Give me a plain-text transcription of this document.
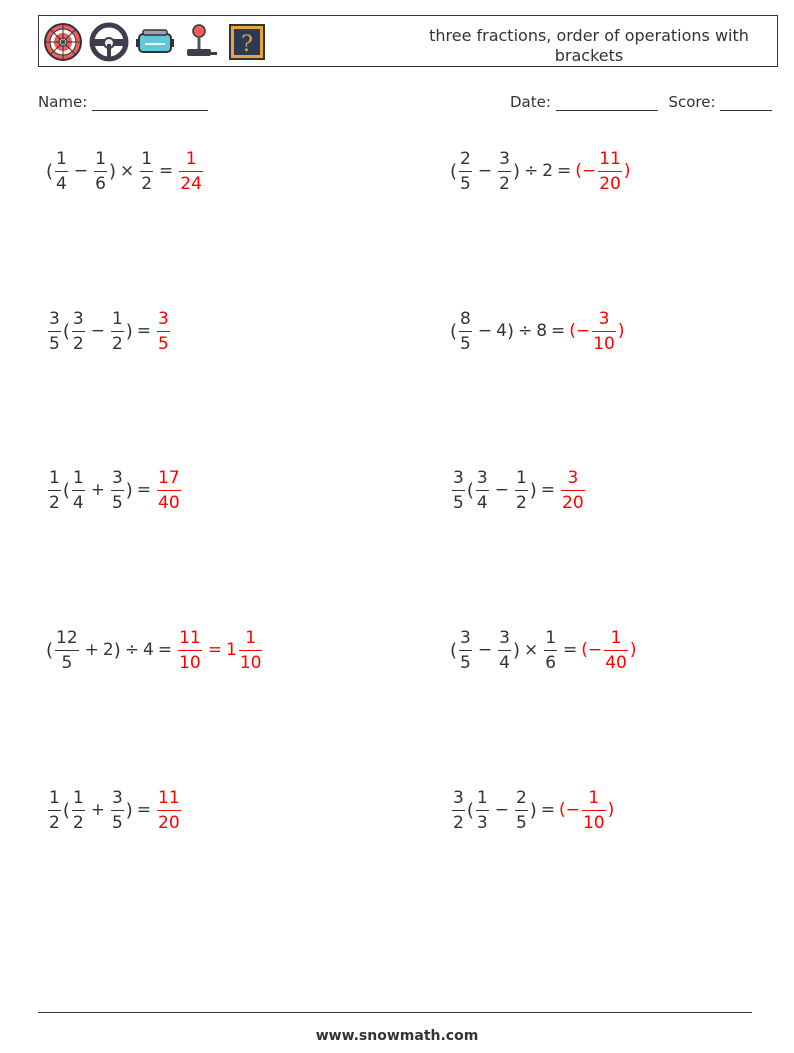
?	three fractions, order of operations with brackets
Name:	Date:	Score:
( $\frac{1}{4} - \frac{1}{6}$ ) × $\frac{1}{2} = \frac{1}{24}$	( $\frac{2}{5} - \frac{3}{2}$ ) ÷ 2 = (− $\frac{11}{20}$ )
$\frac{3}{5}$ ( $\frac{3}{2} - \frac{1}{2}$ ) = $\frac{3}{5}$	( $\frac{8}{5} - 4$ ) ÷ 8 = (− $\frac{3}{10}$ )
$\frac{1}{2}$ ( $\frac{1}{4} + \frac{3}{5}$ ) = $\frac{17}{40}$	$\frac{3}{5}$ ( $\frac{3}{4} - \frac{1}{2}$ ) = $\frac{3}{20}$
( $\frac{12}{5} + 2$ ) ÷ $4 = \frac{11}{10} = 1 \frac{1}{10}$	( $\frac{3}{5} - \frac{3}{4}$ ) × $\frac{1}{6}$ = (− $\frac{1}{40}$ )
$\frac{1}{2}$ ( $\frac{1}{2} + \frac{3}{5}$ ) = $\frac{11}{20}$	$\frac{3}{2}$ ( $\frac{1}{3} - \frac{2}{5}$ ) = (− $\frac{1}{10}$ )
www.snowmath.com
